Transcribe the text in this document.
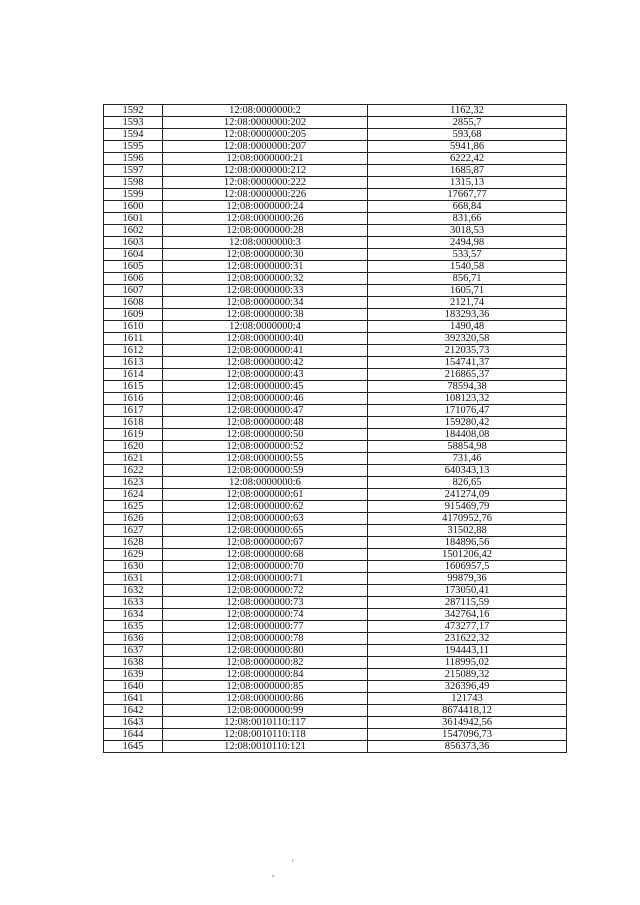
1592	12:08:0000000:2	1162,32
1593	12:08:0000000:202	2855,7
1594	12:08:0000000:205	593,68
1595	12:08:0000000:207	5941,86
1596	12:08:0000000:21	6222,42
1597	12:08:0000000:212	1685,87
1598	12:08:0000000:222	1315,13
1599	12:08:0000000:226	17667,77
1600	12:08:0000000:24	668,84
1601	12:08:0000000:26	831,66
1602	12:08:0000000:28	3018,53
1603	12:08:0000000:3	2494,98
1604	12:08:0000000:30	533,57
1605	12:08:0000000:31	1540,58
1606	12:08:0000000:32	856,71
1607	12:08:0000000:33	1605,71
1608	12:08:0000000:34	2121,74
1609	12:08:0000000:38	183293,36
1610	12:08:0000000:4	1490,48
1611	12:08:0000000:40	392320,58
1612	12:08:0000000:41	212035,73
1613	12:08:0000000:42	154741,37
1614	12:08:0000000:43	216865,37
1615	12:08:0000000:45	78594,38
1616	12:08:0000000:46	108123,32
1617	12:08:0000000:47	171076,47
1618	12:08:0000000:48	159280,42
1619	12:08:0000000:50	184408,08
1620	12:08:0000000:52	58854,98
1621	12:08:0000000:55	731,46
1622	12:08:0000000:59	640343,13
1623	12:08:0000000:6	826,65
1624	12:08:0000000:61	241274,09
1625	12:08:0000000:62	915469,79
1626	12:08:0000000:63	4170952,76
1627	12:08:0000000:65	31502,88
1628	12:08:0000000:67	184896,56
1629	12:08:0000000:68	1501206,42
1630	12:08:0000000:70	1606957,5
1631	12:08:0000000:71	99879,36
1632	12:08:0000000:72	173050,41
1633	12:08:0000000:73	287115,59
1634	12:08:0000000:74	342764,16
1635	12:08:0000000:77	473277,17
1636	12:08:0000000:78	231622,32
1637	12:08:0000000:80	194443,11
1638	12:08:0000000:82	118995,02
1639	12:08:0000000:84	215089,32
1640	12:08:0000000:85	326396,49
1641	12:08:0000000:86	121743
1642	12:08:0000000:99	8674418,12
1643	12:08:0010110:117	3614942,56
1644	12:08:0010110:118	1547096,73
1645	12:08:0010110:121	856373,36
,
'
